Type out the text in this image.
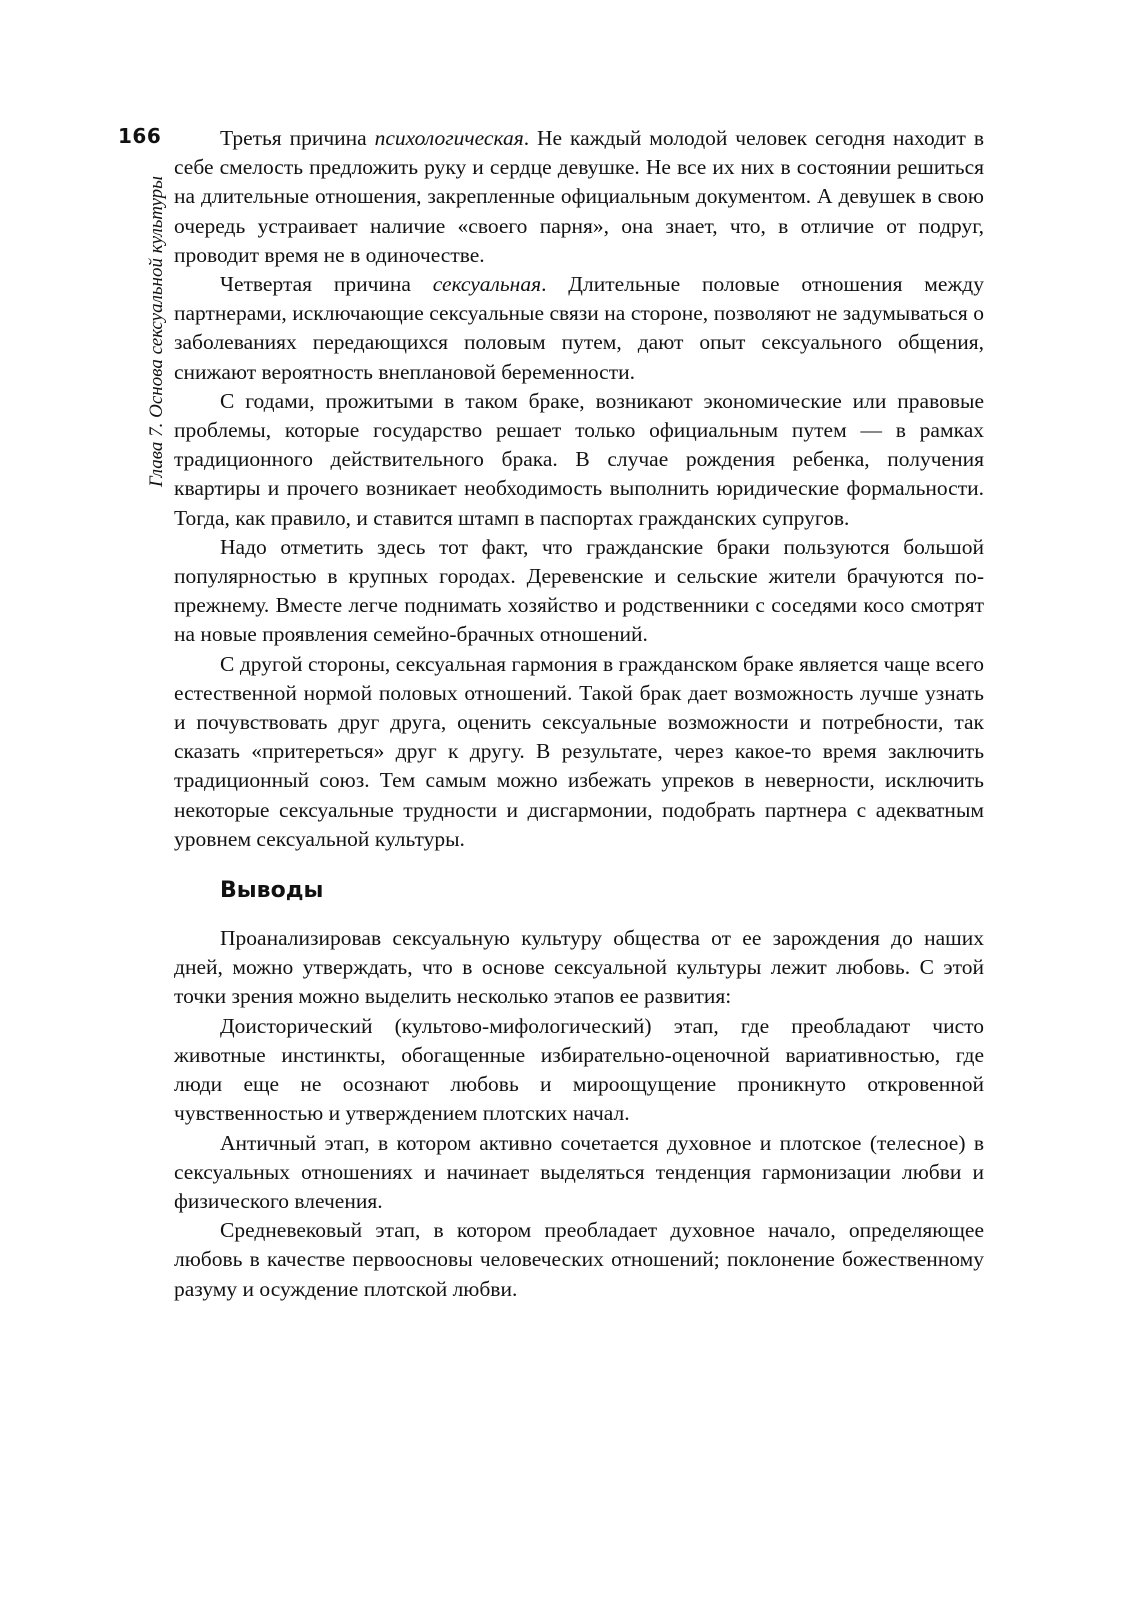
166
Глава 7. Основа сексуальной культуры

Третья причина психологическая. Не каждый молодой человек сегодня находит в себе смелость предложить руку и сердце девушке. Не все их них в состоянии решиться на длительные отношения, закрепленные официальным документом. А девушек в свою очередь устраивает наличие «своего парня», она знает, что, в отличие от подруг, проводит время не в одиночестве.

Четвертая причина сексуальная. Длительные половые отношения между партнерами, исключающие сексуальные связи на стороне, позволяют не задумываться о заболеваниях передающихся половым путем, дают опыт сексуального общения, снижают вероятность внеплановой беременности.

С годами, прожитыми в таком браке, возникают экономические или правовые проблемы, которые государство решает только официальным путем — в рамках традиционного действительного брака. В случае рождения ребенка, получения квартиры и прочего возникает необходимость выполнить юридические формальности. Тогда, как правило, и ставится штамп в паспортах гражданских супругов.

Надо отметить здесь тот факт, что гражданские браки пользуются большой популярностью в крупных городах. Деревенские и сельские жители брачуются по-прежнему. Вместе легче поднимать хозяйство и родственники с соседями косо смотрят на новые проявления семейно-брачных отношений.

С другой стороны, сексуальная гармония в гражданском браке является чаще всего естественной нормой половых отношений. Такой брак дает возможность лучше узнать и почувствовать друг друга, оценить сексуальные возможности и потребности, так сказать «притереться» друг к другу. В результате, через какое-то время заключить традиционный союз. Тем самым можно избежать упреков в неверности, исключить некоторые сексуальные трудности и дисгармонии, подобрать партнера с адекватным уровнем сексуальной культуры.

Выводы

Проанализировав сексуальную культуру общества от ее зарождения до наших дней, можно утверждать, что в основе сексуальной культуры лежит любовь. С этой точки зрения можно выделить несколько этапов ее развития:

Доисторический (культово-мифологический) этап, где преобладают чисто животные инстинкты, обогащенные избирательно-оценочной вариативностью, где люди еще не осознают любовь и мироощущение проникнуто откровенной чувственностью и утверждением плотских начал.

Античный этап, в котором активно сочетается духовное и плотское (телесное) в сексуальных отношениях и начинает выделяться тенденция гармонизации любви и физического влечения.

Средневековый этап, в котором преобладает духовное начало, определяющее любовь в качестве первоосновы человеческих отношений; поклонение божественному разуму и осуждение плотской любви.
